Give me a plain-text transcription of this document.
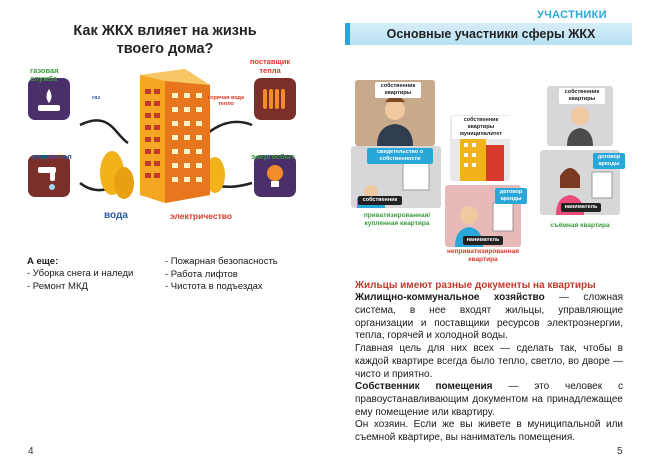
Как ЖКХ влияет на жизнь
твоего дома?
газовая
служба
газ
поставщик
тепла
горячая вода
тепло
водоканал	энергосбыт
вода	электричество
А еще:
- Уборка снега и наледи
- Ремонт МКД
- Пожарная безопасность
- Работа лифтов
- Чистота в подъездах
4
УЧАСТНИКИ
Основные участники сферы ЖКХ
собственник квартиры
свидетельство о собственности
собственник
приватизированная/ купленная квартира
собственник квартиры муниципалитет
договор аренды
наниматель
неприватизированная квартира
собственник квартиры
договор аренды
наниматель
съёмная квартира
Жильцы имеют разные документы на квартиры
Жилищно-коммунальное хозяйство — сложная система, в нее входят жильцы, управляющие организации и поставщики ресурсов электроэнергии, тепла, горячей и холодной воды.
Главная цель для них всех — сделать так, чтобы в каждой квартире всегда было тепло, светло, во дворе — чисто и приятно.
Собственник помещения — это человек с правоустанавливающим документом на принадлежащее ему помещение или квартиру.
Он хозяин. Если же вы живете в муниципальной или съемной квартире, вы наниматель помещения.
5
